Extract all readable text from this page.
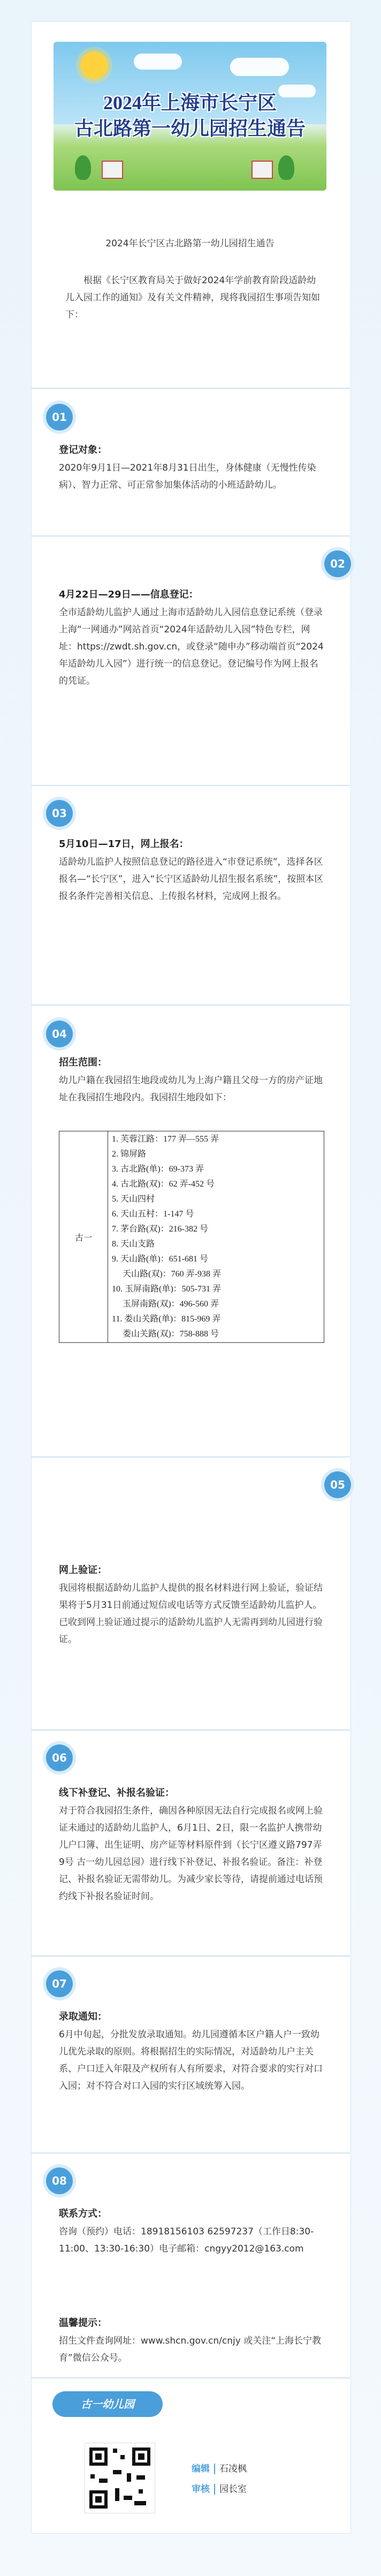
2024年上海市长宁区
古北路第一幼儿园招生通告
2024年长宁区古北路第一幼儿园招生通告
根据《长宁区教育局关于做好2024年学前教育阶段适龄幼儿入园工作的通知》及有关文件精神，现将我园招生事项告知如下：
01
登记对象：
2020年9月1日—2021年8月31日出生，身体健康（无慢性传染病）、智力正常、可正常参加集体活动的小班适龄幼儿。
02
4月22日—29日——信息登记：
全市适龄幼儿监护人通过上海市适龄幼儿入园信息登记系统（登录上海“一网通办”网站首页“2024年适龄幼儿入园”特色专栏，网址：https://zwdt.sh.gov.cn，或登录“随申办”移动端首页“2024年适龄幼儿入园”）进行统一的信息登记。登记编号作为网上报名的凭证。
03
5月10日—17日，网上报名：
适龄幼儿监护人按照信息登记的路径进入“市登记系统”，选择各区报名—“长宁区”，进入“长宁区适龄幼儿招生报名系统”，按照本区报名条件完善相关信息、上传报名材料，完成网上报名。
04
招生范围：
幼儿户籍在我园招生地段或幼儿为上海户籍且父母一方的房产证地址在我园招生地段内。我园招生地段如下：
古一	
1. 芙蓉江路：177 弄—555 弄
2. 锦屏路
3. 古北路(单)：69-373 弄
4. 古北路(双)：62 弄-452 号
5. 天山四村
6. 天山五村：1-147 号
7. 茅台路(双)：216-382 号
8. 天山支路
9. 天山路(单)：651-681 号
天山路(双)：760 弄-938 弄
10. 玉屏南路(单)：505-731 弄
玉屏南路(双)：496-560 弄
11. 娄山关路(单)：815-969 弄
娄山关路(双)：758-888 号
05
网上验证：
我园将根据适龄幼儿监护人提供的报名材料进行网上验证，验证结果将于5月31日前通过短信或电话等方式反馈至适龄幼儿监护人。已收到网上验证通过提示的适龄幼儿监护人无需再到幼儿园进行验证。
06
线下补登记、补报名验证：
对于符合我园招生条件，确因各种原因无法自行完成报名或网上验证未通过的适龄幼儿监护人，6月1日、2日，限一名监护人携带幼儿户口簿、出生证明、房产证等材料原件到（长宁区遵义路797弄9号 古一幼儿园总园）进行线下补登记、补报名验证。备注：补登记、补报名验证无需带幼儿。为减少家长等待，请提前通过电话预约线下补报名验证时间。
07
录取通知：
6月中旬起，分批发放录取通知。幼儿园遵循本区户籍人户一致幼儿优先录取的原则。将根据招生的实际情况，对适龄幼儿户主关系、户口迁入年限及产权所有人有所要求，对符合要求的实行对口入园；对不符合对口入园的实行区域统筹入园。
08
联系方式：
咨询（预约）电话：18918156103 62597237（工作日8:30-11:00、13:30-16:30）电子邮箱：cngyy2012@163.com
温馨提示：
招生文件查询网址：www.shcn.gov.cn/cnjy 或关注“上海长宁教育”微信公众号。
古一幼儿园
编辑 石凌枫
审核 园长室
